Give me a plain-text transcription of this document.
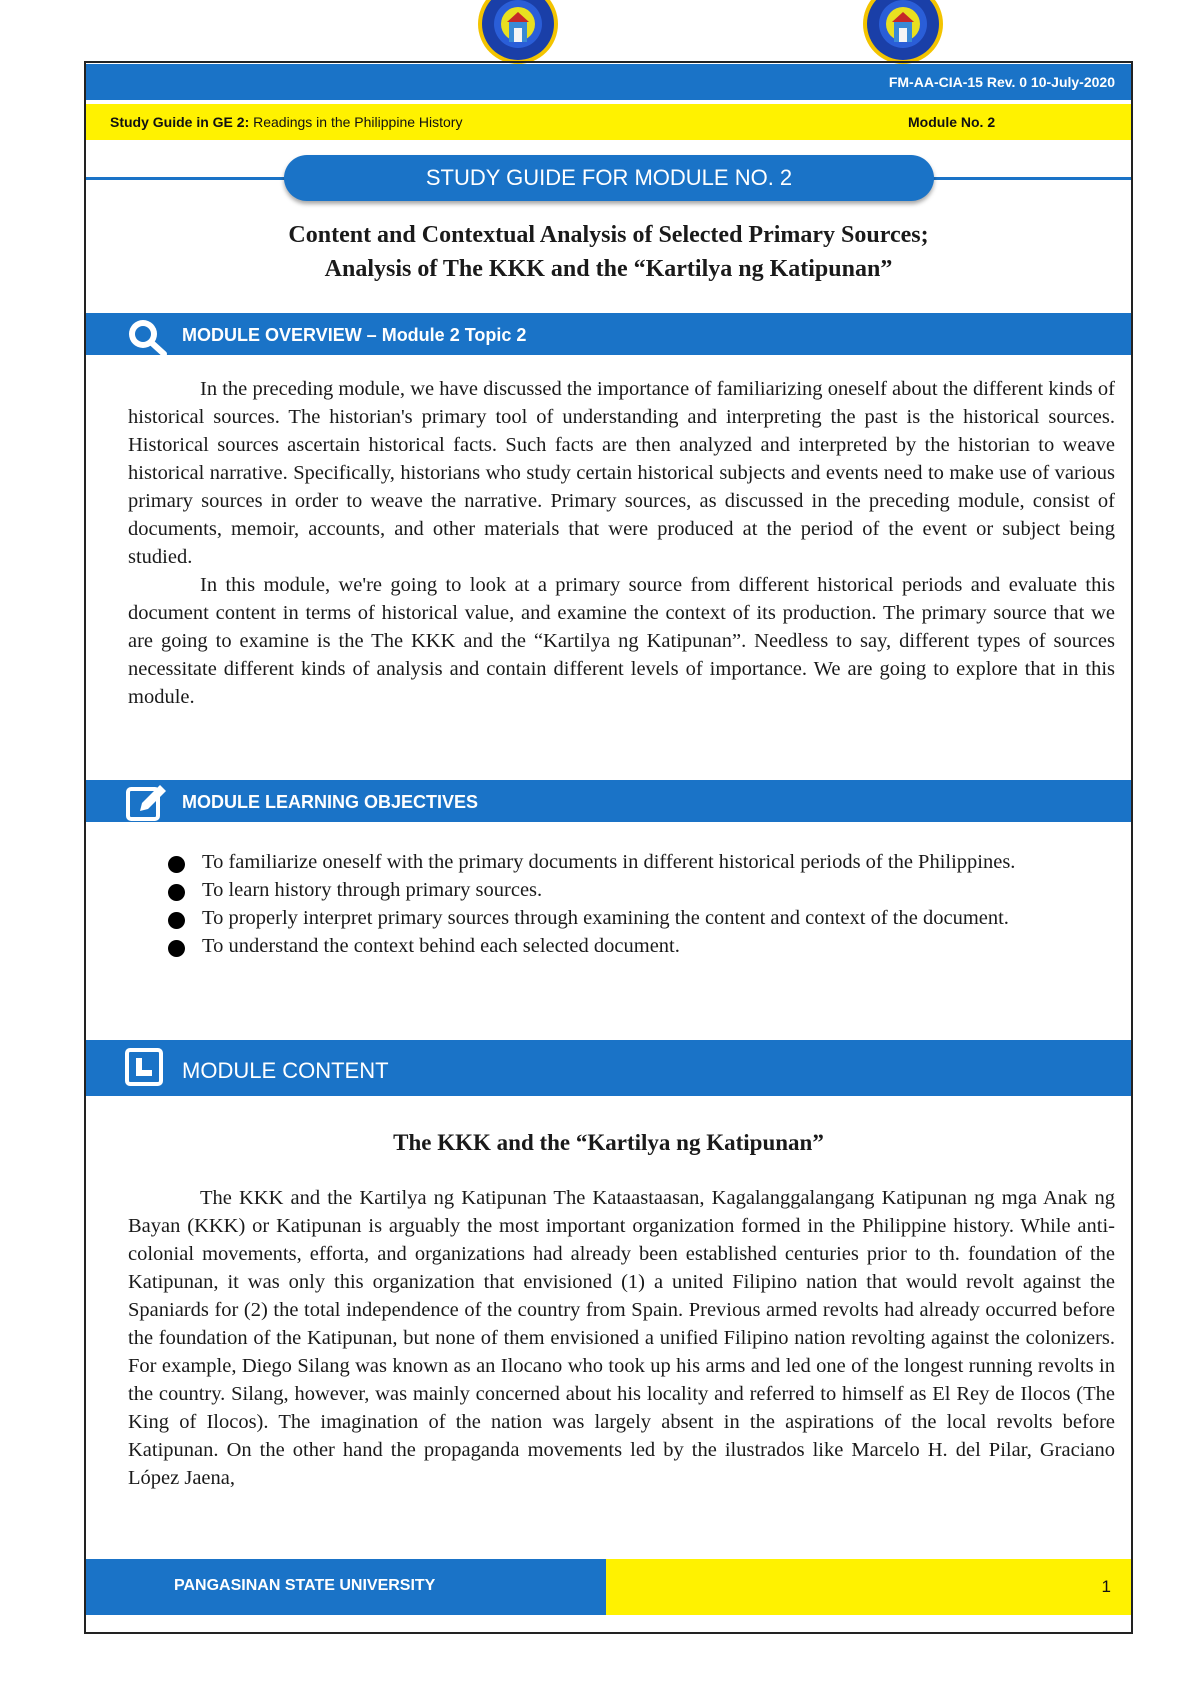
FM-AA-CIA-15 Rev. 0 10-July-2020
Study Guide in GE 2: Readings in the Philippine History	Module No. 2
STUDY GUIDE FOR MODULE NO. 2
Content and Contextual Analysis of Selected Primary Sources;
Analysis of The KKK and the “Kartilya ng Katipunan”
MODULE OVERVIEW – Module 2 Topic 2

In the preceding module, we have discussed the importance of familiarizing oneself about the different kinds of historical sources. The historian's primary tool of understanding and interpreting the past is the historical sources. Historical sources ascertain historical facts. Such facts are then analyzed and interpreted by the historian to weave historical narrative. Specifically, historians who study certain historical subjects and events need to make use of various primary sources in order to weave the narrative. Primary sources, as discussed in the preceding module, consist of documents, memoir, accounts, and other materials that were produced at the period of the event or subject being studied.

In this module, we're going to look at a primary source from different historical periods and evaluate this document content in terms of historical value, and examine the context of its production. The primary source that we are going to examine is the The KKK and the “Kartilya ng Katipunan”. Needless to say, different types of sources necessitate different kinds of analysis and contain different levels of importance. We are going to explore that in this module.

MODULE LEARNING OBJECTIVES
To familiarize oneself with the primary documents in different historical periods of the Philippines.
To learn history through primary sources.
To properly interpret primary sources through examining the content and context of the document.
To understand the context behind each selected document.
MODULE CONTENT
The KKK and the “Kartilya ng Katipunan”

The KKK and the Kartilya ng Katipunan The Kataastaasan, Kagalanggalangang Katipunan ng mga Anak ng Bayan (KKK) or Katipunan is arguably the most important organization formed in the Philippine history. While anti-colonial movements, efforta, and organizations had already been established centuries prior to th. foundation of the Katipunan, it was only this organization that envisioned (1) a united Filipino nation that would revolt against the Spaniards for (2) the total independence of the country from Spain. Previous armed revolts had already occurred before the foundation of the Katipunan, but none of them envisioned a unified Filipino nation revolting against the colonizers. For example, Diego Silang was known as an Ilocano who took up his arms and led one of the longest running revolts in the country. Silang, however, was mainly concerned about his locality and referred to himself as El Rey de Ilocos (The King of Ilocos). The imagination of the nation was largely absent in the aspirations of the local revolts before Katipunan. On the other hand the propaganda movements led by the ilustrados like Marcelo H. del Pilar, Graciano López Jaena,

PANGASINAN STATE UNIVERSITY	1
